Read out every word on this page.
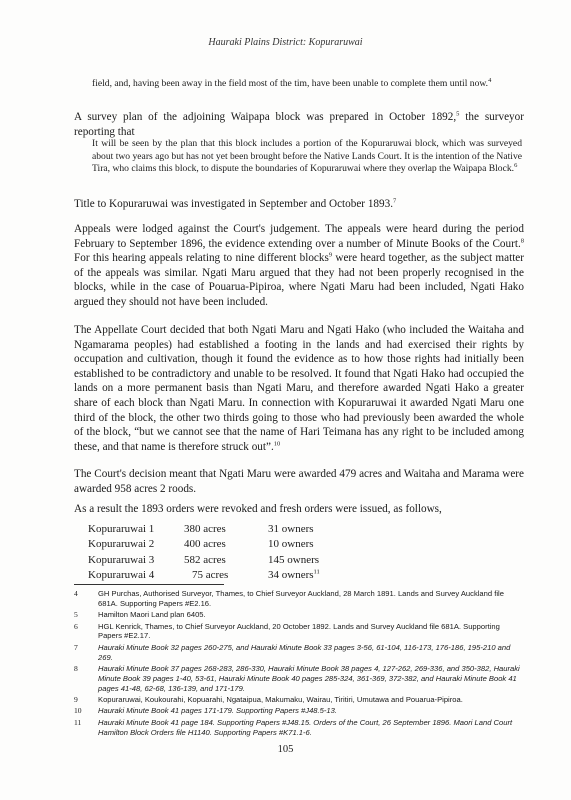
Hauraki Plains District: Kopuraruwai

field, and, having been away in the field most of the tim, have been unable to complete them until now.$^4$

A survey plan of the adjoining Waipapa block was prepared in October 1892,$^5$ the surveyor reporting that

It will be seen by the plan that this block includes a portion of the Kopuraruwai block, which was surveyed about two years ago but has not yet been brought before the Native Lands Court. It is the intention of the Native Tira, who claims this block, to dispute the boundaries of Kopuraruwai where they overlap the Waipapa Block.$^6$

Title to Kopuraruwai was investigated in September and October 1893.$^7$

Appeals were lodged against the Court's judgement. The appeals were heard during the period February to September 1896, the evidence extending over a number of Minute Books of the Court.$^8$ For this hearing appeals relating to nine different blocks$^9$ were heard together, as the subject matter of the appeals was similar. Ngati Maru argued that they had not been properly recognised in the blocks, while in the case of Pouarua-Pipiroa, where Ngati Maru had been included, Ngati Hako argued they should not have been included.

The Appellate Court decided that both Ngati Maru and Ngati Hako (who included the Waitaha and Ngamarama peoples) had established a footing in the lands and had exercised their rights by occupation and cultivation, though it found the evidence as to how those rights had initially been established to be contradictory and unable to be resolved. It found that Ngati Hako had occupied the lands on a more permanent basis than Ngati Maru, and therefore awarded Ngati Hako a greater share of each block than Ngati Maru. In connection with Kopuraruwai it awarded Ngati Maru one third of the block, the other two thirds going to those who had previously been awarded the whole of the block, “but we cannot see that the name of Hari Teimana has any right to be included among these, and that name is therefore struck out”.$^{10}$

The Court's decision meant that Ngati Maru were awarded 479 acres and Waitaha and Marama were awarded 958 acres 2 roods.

As a result the 1893 orders were revoked and fresh orders were issued, as follows,

Kopuraruwai 1	380 acres	31 owners
Kopuraruwai 2	400 acres	10 owners
Kopuraruwai 3	582 acres	145 owners
Kopuraruwai 4	75 acres	34 owners$^{11}$
4	GH Purchas, Authorised Surveyor, Thames, to Chief Surveyor Auckland, 28 March 1891. Lands and Survey Auckland file 681A. Supporting Papers #E2.16.
5	Hamilton Maori Land plan 6405.
6	HGL Kenrick, Thames, to Chief Surveyor Auckland, 20 October 1892. Lands and Survey Auckland file 681A. Supporting Papers #E2.17.
7	Hauraki Minute Book 32 pages 260-275, and Hauraki Minute Book 33 pages 3-56, 61-104, 116-173, 176-186, 195-210 and 269.
8	Hauraki Minute Book 37 pages 268-283, 286-330, Hauraki Minute Book 38 pages 4, 127-262, 269-336, and 350-382, Hauraki Minute Book 39 pages 1-40, 53-61, Hauraki Minute Book 40 pages 285-324, 361-369, 372-382, and Hauraki Minute Book 41 pages 41-48, 62-68, 136-139, and 171-179.
9	Kopuraruwai, Koukourahi, Kopuarahi, Ngataipua, Makumaku, Wairau, Tiritiri, Umutawa and Pouarua-Pipiroa.
10	Hauraki Minute Book 41 pages 171-179. Supporting Papers #J48.5-13.
11	Hauraki Minute Book 41 page 184. Supporting Papers #J48.15. Orders of the Court, 26 September 1896. Maori Land Court Hamilton Block Orders file H1140. Supporting Papers #K71.1-6.
105
